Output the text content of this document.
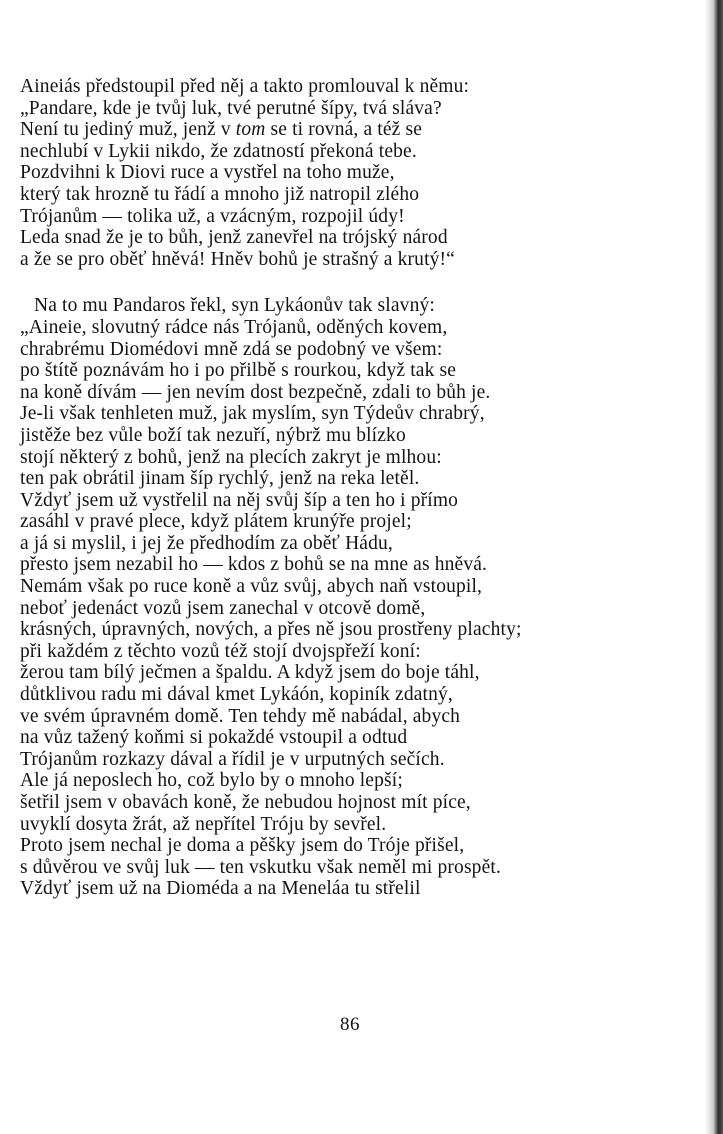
Aineiás předstoupil před něj a takto promlouval k němu:
„Pandare, kde je tvůj luk, tvé perutné šípy, tvá sláva?
Není tu jediný muž, jenž v tom se ti rovná, a též se
nechlubí v Lykii nikdo, že zdatností překoná tebe.
Pozdvihni k Diovi ruce a vystřel na toho muže,
který tak hrozně tu řádí a mnoho již natropil zlého
Trójanům — tolika už, a vzácným, rozpojil údy!
Leda snad že je to bůh, jenž zanevřel na trójský národ
a že se pro oběť hněvá! Hněv bohů je strašný a krutý!“
Na to mu Pandaros řekl, syn Lykáonův tak slavný:
„Aineie, slovutný rádce nás Trójanů, oděných kovem,
chrabrému Diomédovi mně zdá se podobný ve všem:
po štítě poznávám ho i po přilbě s rourkou, když tak se
na koně dívám — jen nevím dost bezpečně, zdali to bůh je.
Je-li však tenhleten muž, jak myslím, syn Týdeův chrabrý,
jistěže bez vůle boží tak nezuří, nýbrž mu blízko
stojí některý z bohů, jenž na plecích zakryt je mlhou:
ten pak obrátil jinam šíp rychlý, jenž na reka letěl.
Vždyť jsem už vystřelil na něj svůj šíp a ten ho i přímo
zasáhl v pravé plece, když plátem krunýře projel;
a já si myslil, i jej že předhodím za oběť Hádu,
přesto jsem nezabil ho — kdos z bohů se na mne as hněvá.
Nemám však po ruce koně a vůz svůj, abych naň vstoupil,
neboť jedenáct vozů jsem zanechal v otcově domě,
krásných, úpravných, nových, a přes ně jsou prostřeny plachty;
při každém z těchto vozů též stojí dvojspřeží koní:
žerou tam bílý ječmen a špaldu. A když jsem do boje táhl,
důtklivou radu mi dával kmet Lykáón, kopiník zdatný,
ve svém úpravném domě. Ten tehdy mě nabádal, abych
na vůz tažený koňmi si pokaždé vstoupil a odtud
Trójanům rozkazy dával a řídil je v urputných sečích.
Ale já neposlech ho, což bylo by o mnoho lepší;
šetřil jsem v obavách koně, že nebudou hojnost mít píce,
uvyklí dosyta žrát, až nepřítel Tróju by sevřel.
Proto jsem nechal je doma a pěšky jsem do Tróje přišel,
s důvěrou ve svůj luk — ten vskutku však neměl mi prospět.
Vždyť jsem už na Dioméda a na Meneláa tu střelil
86
